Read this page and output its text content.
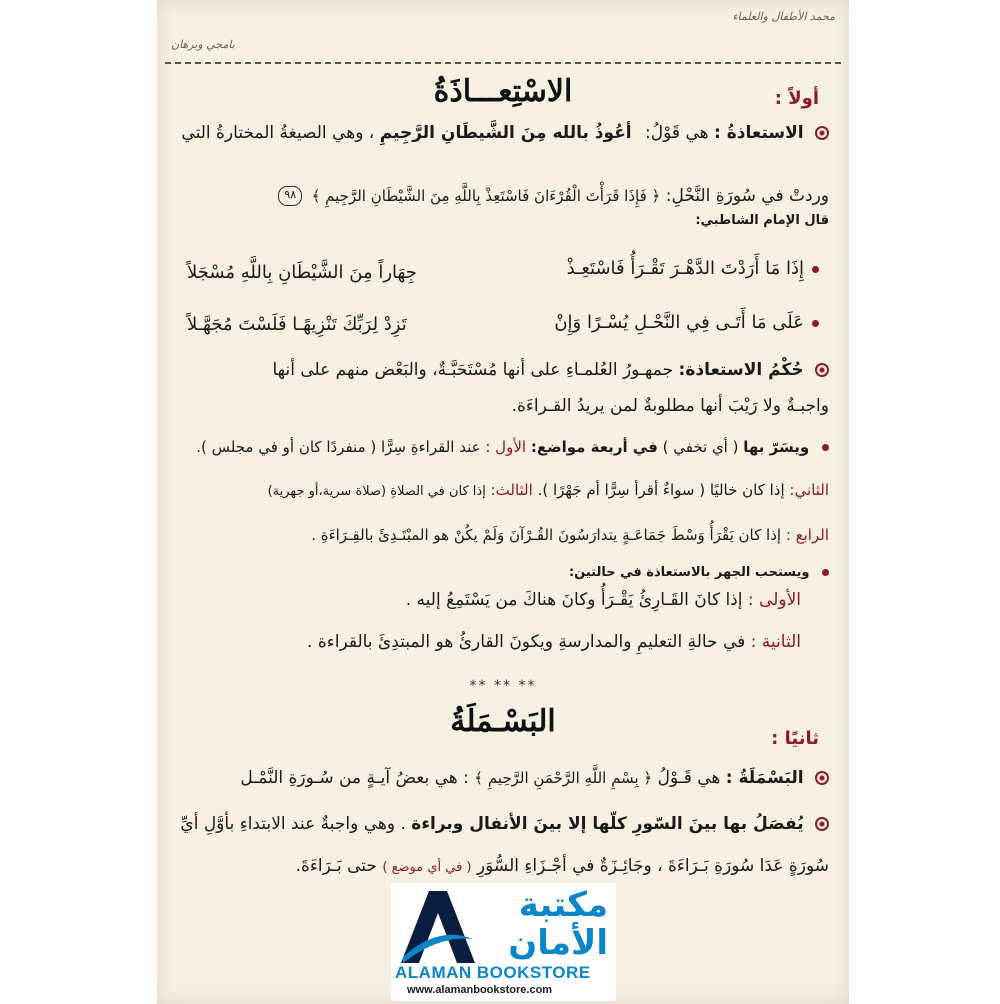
محمد الأطفال والعلماء
بامجي وبرهان
أولاً :
الاسْتِعـــاذَةُ
الاستعاذةُ : هي قَوْلُ: أعُوذُ بالله مِنَ الشَّيطَانِ الرَّجِيمِ ، وهي الصيغةُ المختارةُ التي
وردتْ في سُورَةِ النَّحْلِ: ﴿ فَإِذَا قَرَأْتَ الْقُرْءَانَ فَاسْتَعِذْ بِاللَّهِ مِنَ الشَّيْطَانِ الرَّجِيمِ ﴾ ٩٨
قال الإمام الشاطبي:
إِذَا مَا أَرَدْتَ الدَّهْـرَ تَقْـرَأُ فَاسْتَعِـذْ
جِهَاراً مِنَ الشَّيْطَانِ بِاللَّهِ مُسْجَلاً
عَلَى مَا أَتَـى فِي النَّحْـلِ يُسْـرًا وَإِنْ
تَزِدْ لِرَبِّكَ تَنْزِيهًـا فَلَسْتَ مُجَهَّـلاً
حُكْمُ الاستعاذة: جمهـورُ العُلمـاءِ على أنها مُسْتَحَبَّـةٌ، والبَعْض منهم على أنها
واجبـةٌ ولا رَيْبَ أنها مطلوبةٌ لمن يريدُ القـراءَة.
ويسَرّ بها ( أي تخفي ) في أربعة مواضع: الأول : عند القراءةِ سِرًّا ( منفردًا كان أو في مجلس ).
الثاني: إذا كان خاليًا ( سواءٌ أقرأ سِرًّا أم جَهْرًا ). الثالث: إذا كان في الصلاةِ (صلاة سرية،أو جهرية)
الرابع : إذا كان يَقْرَأُ وَسْطَ جَمَاعَـةٍ يتدارَسُونَ القُـرْآنَ وَلَمْ يكُنْ هو المبْتَـدِئَ بالقِـرَاءَةِ .
ويستحب الجهر بالاستعاذة في حالتين:
الأولى : إذا كانَ القَـارِئُ يَقْـرَأُ وكانَ هناكَ من يَسْتَمِعُ إليه .
الثانية : في حالةِ التعليمِ والمدارسةِ ويكونَ القارئُ هو المبتدِئَ بالقراءة .
** ** **
ثانيًا :
البَسْـمَلَةُ
البَسْمَلَةُ : هي قَـوْلُ ﴿ بِسْمِ اللَّهِ الرَّحْمَنِ الرَّحِيمِ ﴾ : هي بعضُ آيـةٍ من سُـورَةِ النَّمْـل
يُفصَلُ بها بينَ السّورِ كلّها إلا بينَ الأنفال وبراءة . وهي واجبةٌ عند الابتداءِ بأوَّلِ أيِّ
سُورَةٍ عَدَا سُورَةِ بَـرَاءَةَ ، وجَائِـزَةٌ في أجْـزَاءِ السُّوَرِ ( في أي موضع ) حتى بَـرَاءَةَ.
مكتبة
الأمان
ALAMAN BOOKSTORE
www.alamanbookstore.com
